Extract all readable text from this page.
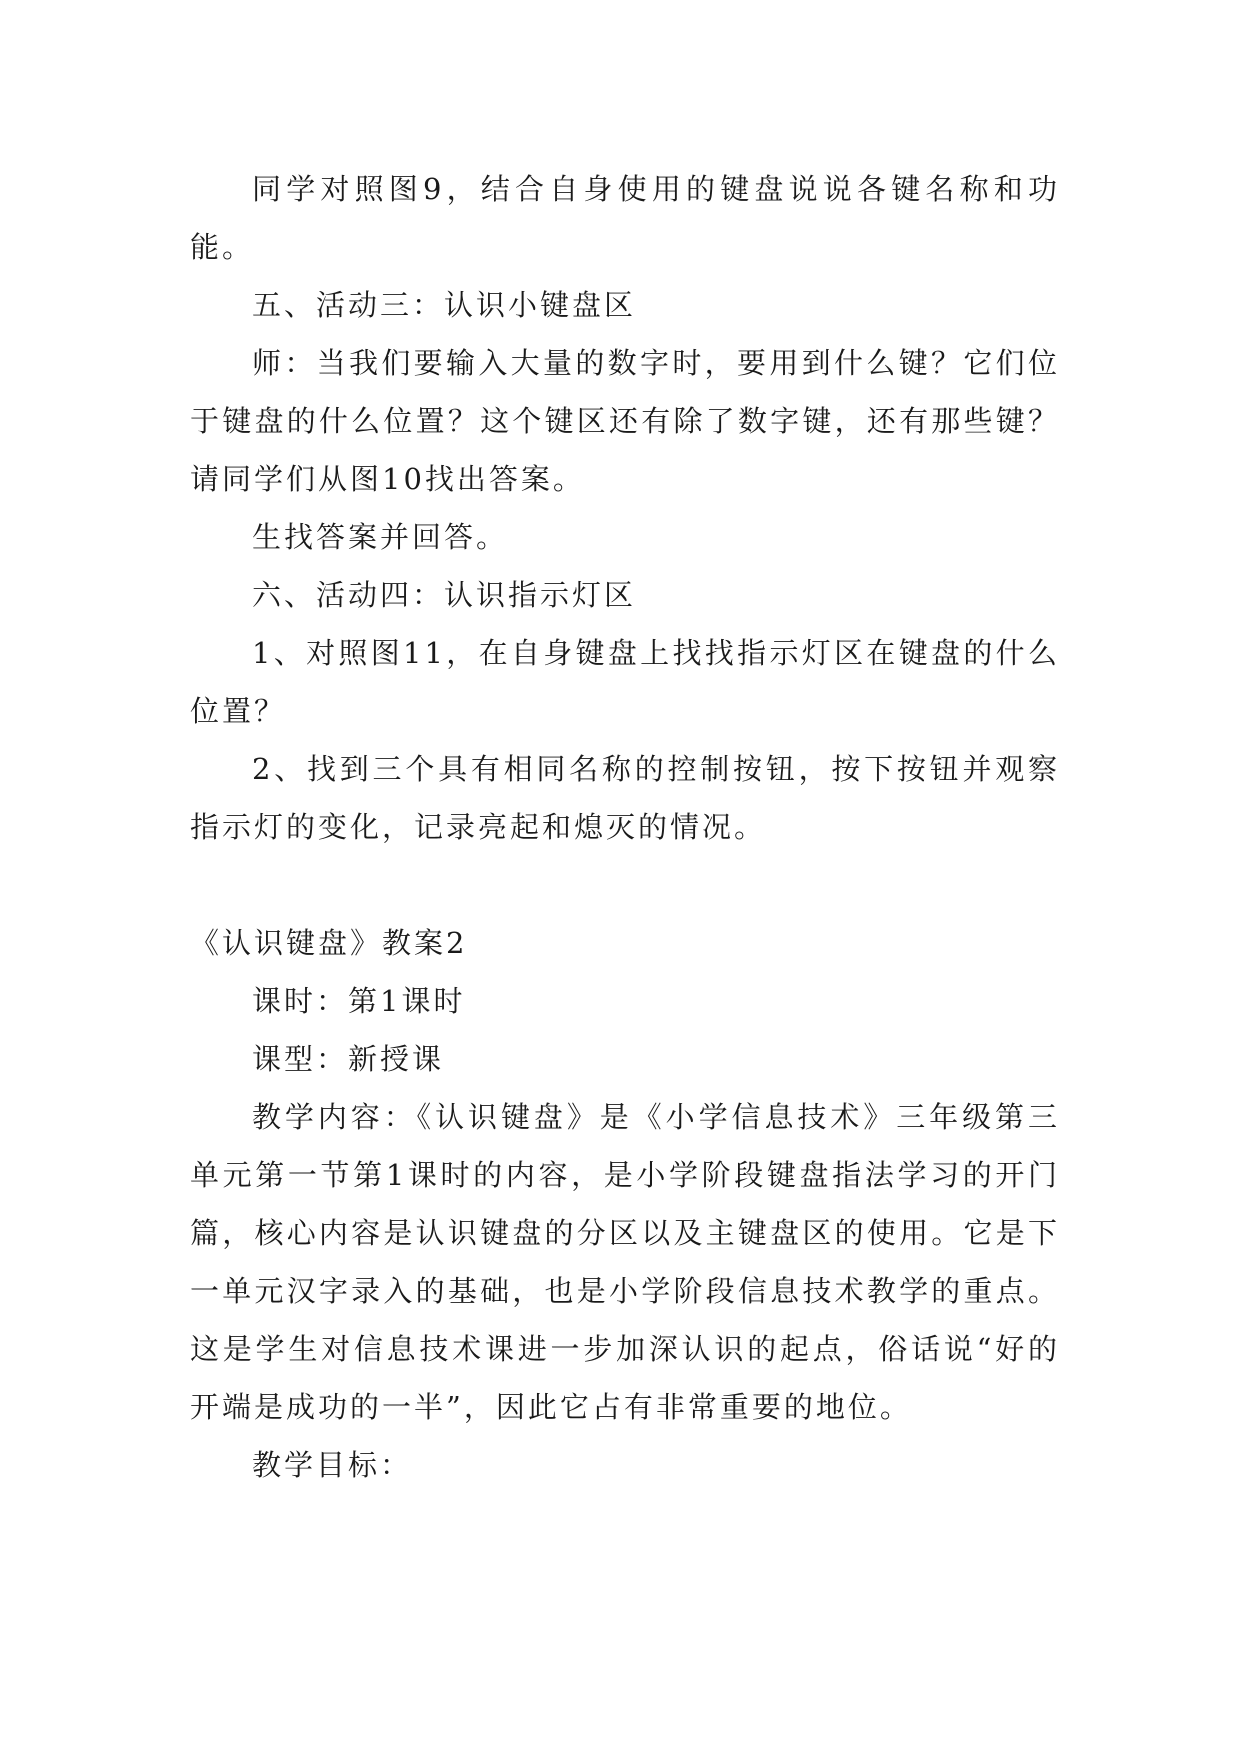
同学对照图9，结合自身使用的键盘说说各键名称和功能。

五、活动三：认识小键盘区

师：当我们要输入大量的数字时，要用到什么键？它们位于键盘的什么位置？这个键区还有除了数字键，还有那些键？请同学们从图10找出答案。

生找答案并回答。

六、活动四：认识指示灯区

1、对照图11，在自身键盘上找找指示灯区在键盘的什么位置？

2、找到三个具有相同名称的控制按钮，按下按钮并观察指示灯的变化，记录亮起和熄灭的情况。

《认识键盘》教案2

课时：第1课时

课型：新授课

教学内容：《认识键盘》是《小学信息技术》三年级第三单元第一节第1课时的内容，是小学阶段键盘指法学习的开门篇，核心内容是认识键盘的分区以及主键盘区的使用。它是下一单元汉字录入的基础，也是小学阶段信息技术教学的重点。这是学生对信息技术课进一步加深认识的起点，俗话说“好的开端是成功的一半”，因此它占有非常重要的地位。

教学目标：
